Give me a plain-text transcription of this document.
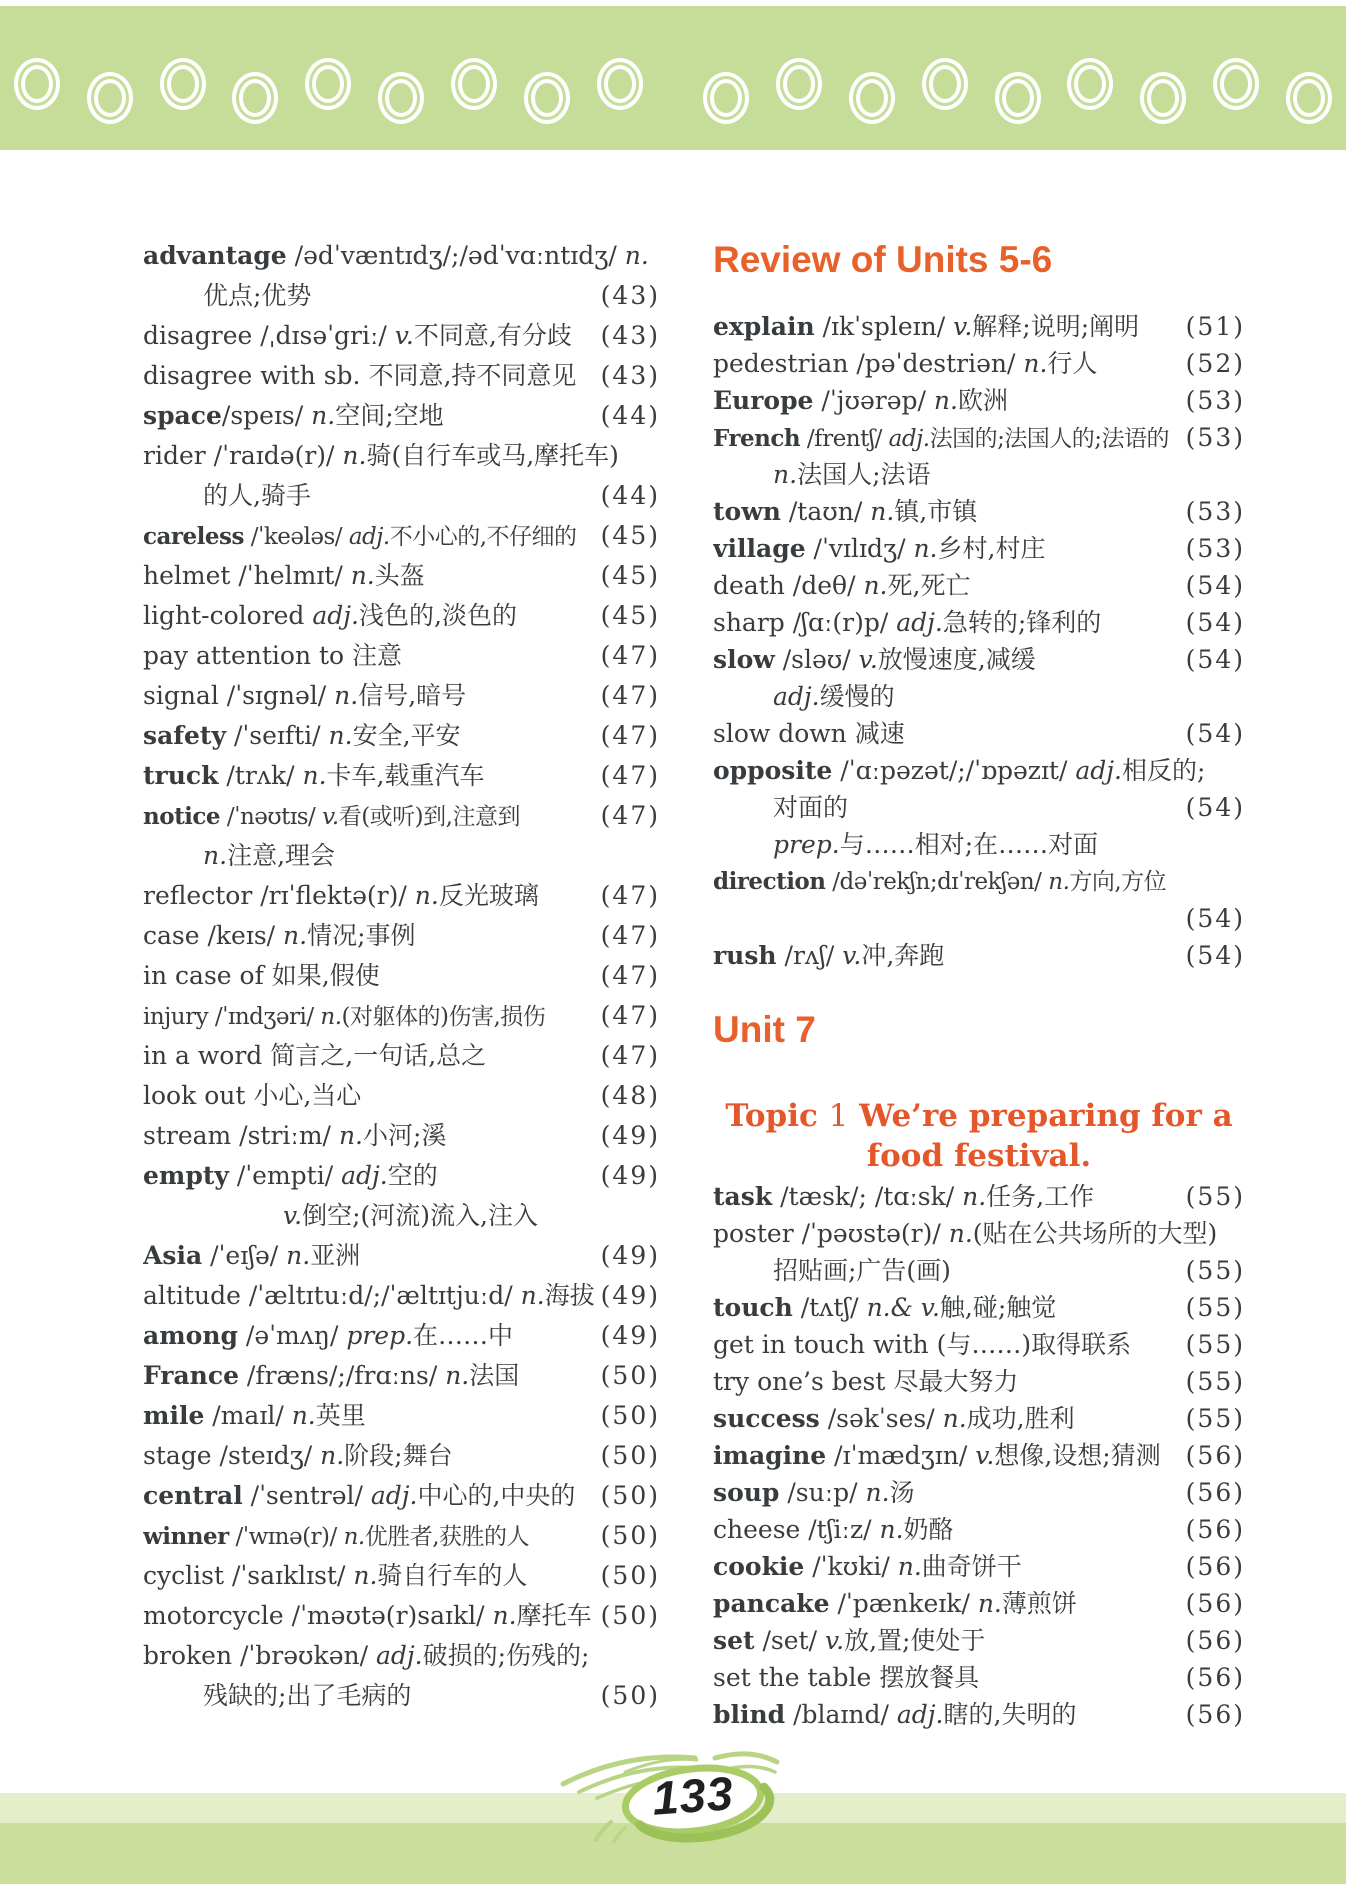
advantage /ədˈvæntɪdʒ/;/ədˈvɑːntɪdʒ/ n.
优点;优势	(43)
disagree /ˌdɪsəˈgriː/ v.不同意,有分歧 (43)
disagree with sb. 不同意,持不同意见 (43)
space/speɪs/ n.空间;空地	(44)
rider /ˈraɪdə(r)/ n.骑(自行车或马,摩托车)
的人,骑手	(44)
careless /ˈkeələs/ adj.不小心的,不仔细的 (45)
helmet /ˈhelmɪt/ n.头盔	(45)
light-colored adj.浅色的,淡色的	(45)
pay attention to 注意	(47)
signal /ˈsɪgnəl/ n.信号,暗号	(47)
safety /ˈseɪfti/ n.安全,平安	(47)
truck /trʌk/ n.卡车,载重汽车	(47)
notice /ˈnəʊtɪs/ v.看(或听)到,注意到	(47)
n.注意,理会
reflector /rɪˈflektə(r)/ n.反光玻璃 (47)
case /keɪs/ n.情况;事例	(47)
in case of 如果,假使	(47)
injury /ˈɪndʒəri/ n.(对躯体的)伤害,损伤 (47)
in a word 简言之,一句话,总之	(47)
look out 小心,当心	(48)
stream /striːm/ n.小河;溪	(49)
empty /ˈempti/ adj.空的	(49)
v.倒空;(河流)流入,注入
Asia /ˈeɪʃə/ n.亚洲	(49)
altitude /ˈæltɪtuːd/;/ˈæltɪtjuːd/ n.海拔 (49)
among /əˈmʌŋ/ prep.在……中	(49)
France /fræns/;/frɑːns/ n.法国	(50)
mile /maɪl/ n.英里	(50)
stage /steɪdʒ/ n.阶段;舞台	(50)
central /ˈsentrəl/ adj.中心的,中央的 (50)
winner /ˈwɪnə(r)/ n.优胜者,获胜的人	(50)
cyclist /ˈsaɪklɪst/ n.骑自行车的人	(50)
motorcycle /ˈməʊtə(r)saɪkl/ n.摩托车 (50)
broken /ˈbrəʊkən/ adj.破损的;伤残的;
残缺的;出了毛病的	(50)
Review of Units 5-6
explain /ɪkˈspleɪn/ v.解释;说明;阐明 (51)
pedestrian /pəˈdestriən/ n.行人	(52)
Europe /ˈjʊərəp/ n.欧洲	(53)
French /frentʃ/ adj.法国的;法国人的;法语的 (53)
n.法国人;法语
town /taʊn/ n.镇,市镇	(53)
village /ˈvɪlɪdʒ/ n.乡村,村庄	(53)
death /deθ/ n.死,死亡	(54)
sharp /ʃɑː(r)p/ adj.急转的;锋利的	(54)
slow /sləʊ/ v.放慢速度,减缓	(54)
adj.缓慢的
slow down 减速	(54)
opposite /ˈɑːpəzət/;/ˈɒpəzɪt/ adj.相反的;
对面的	(54)
prep.与……相对;在……对面
direction /dəˈrekʃn;dɪˈrekʃən/ n.方向,方位
(54)
rush /rʌʃ/ v.冲,奔跑	(54)
Unit 7
Topic 1 We’re preparing for a
food festival.
task /tæsk/; /tɑːsk/ n.任务,工作	(55)
poster /ˈpəʊstə(r)/ n.(贴在公共场所的大型)
招贴画;广告(画)	(55)
touch /tʌtʃ/ n.& v.触,碰;触觉	(55)
get in touch with (与……)取得联系 (55)
try one’s best 尽最大努力	(55)
success /səkˈses/ n.成功,胜利	(55)
imagine /ɪˈmædʒɪn/ v.想像,设想;猜测 (56)
soup /suːp/ n.汤	(56)
cheese /tʃiːz/ n.奶酪	(56)
cookie /ˈkʊki/ n.曲奇饼干	(56)
pancake /ˈpænkeɪk/ n.薄煎饼	(56)
set /set/ v.放,置;使处于	(56)
set the table 摆放餐具	(56)
blind /blaɪnd/ adj.瞎的,失明的	(56)
133
